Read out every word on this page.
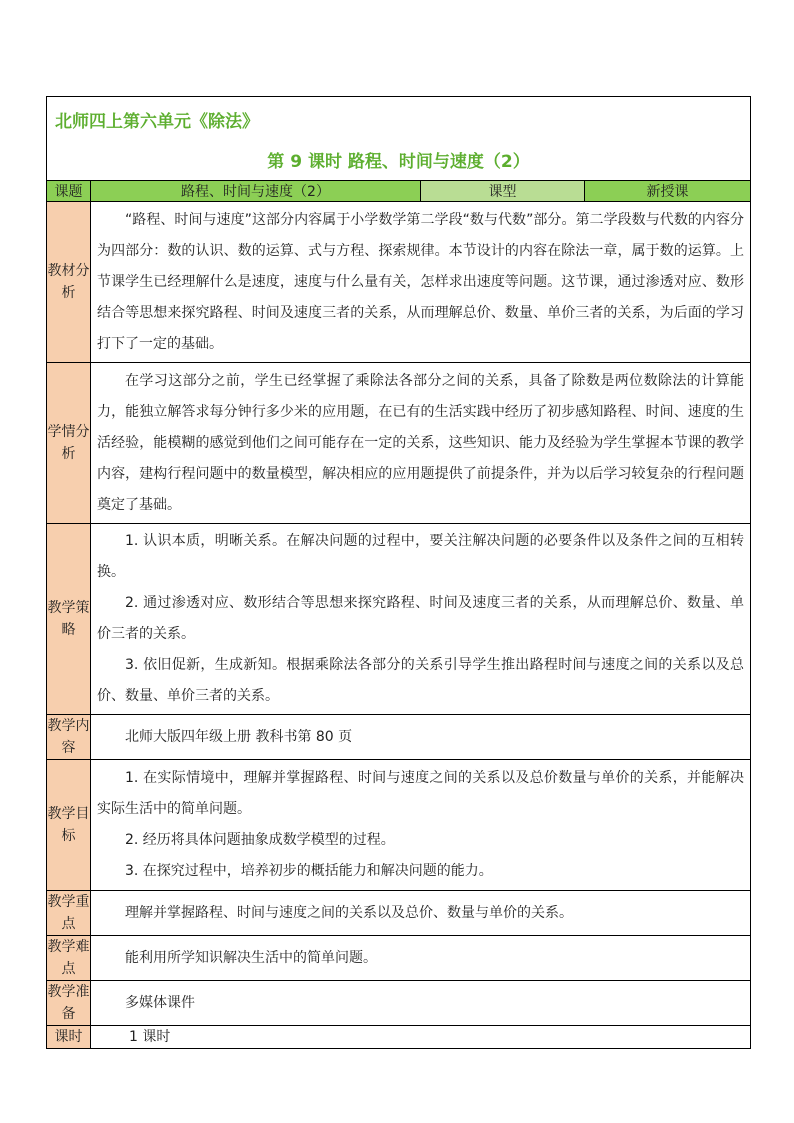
北师四上第六单元《除法》
第 9 课时 路程、时间与速度（2）			

课题	路程、时间与速度（2）	课型	新授课
教材分析	“路程、时间与速度”这部分内容属于小学数学第二学段“数与代数”部分。第二学段数与代数的内容分为四部分：数的认识、数的运算、式与方程、探索规律。本节设计的内容在除法一章，属于数的运算。上节课学生已经理解什么是速度，速度与什么量有关，怎样求出速度等问题。这节课，通过渗透对应、数形结合等思想来探究路程、时间及速度三者的关系，从而理解总价、数量、单价三者的关系，为后面的学习打下了一定的基础。		

学情分析	在学习这部分之前，学生已经掌握了乘除法各部分之间的关系，具备了除数是两位数除法的计算能力，能独立解答求每分钟行多少米的应用题，在已有的生活实践中经历了初步感知路程、时间、速度的生活经验，能模糊的感觉到他们之间可能存在一定的关系，这些知识、能力及经验为学生掌握本节课的教学内容，建构行程问题中的数量模型，解决相应的应用题提供了前提条件，并为以后学习较复杂的行程问题奠定了基础。		

教学策略	1. 认识本质，明晰关系。在解决问题的过程中，要关注解决问题的必要条件以及条件之间的互相转换。

2. 通过渗透对应、数形结合等思想来探究路程、时间及速度三者的关系，从而理解总价、数量、单价三者的关系。

3. 依旧促新，生成新知。根据乘除法各部分的关系引导学生推出路程时间与速度之间的关系以及总价、数量、单价三者的关系。		

教学内容	北师大版四年级上册 教科书第 80 页		
教学目标	1. 在实际情境中，理解并掌握路程、时间与速度之间的关系以及总价数量与单价的关系，并能解决实际生活中的简单问题。

2. 经历将具体问题抽象成数学模型的过程。

3. 在探究过程中，培养初步的概括能力和解决问题的能力。		

教学重点	理解并掌握路程、时间与速度之间的关系以及总价、数量与单价的关系。		
教学难点	能利用所学知识解决生活中的简单问题。		
教学准备	多媒体课件		
课时	1 课时		
